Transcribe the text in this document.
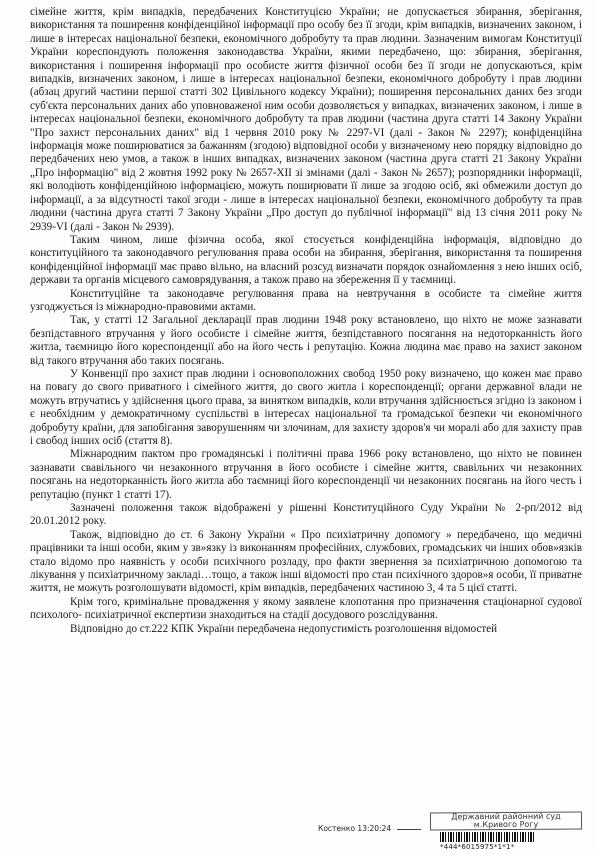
сімейне життя, крім випадків, передбачених Конституцією України; не допускається збирання, зберігання, використання та поширення конфіденційної інформації про особу без її згоди, крім випадків, визначених законом, і лише в інтересах національної безпеки, економічного добробуту та прав людини. Зазначеним вимогам Конституції України кореспондують положення законодавства України, якими передбачено, що: збирання, зберігання, використання і поширення інформації про особисте життя фізичної особи без її згоди не допускаються, крім випадків, визначених законом, і лише в інтересах національної безпеки, економічного добробуту і прав людини (абзац другий частини першої статті 302 Цивільного кодексу України); поширення персональних даних без згоди суб'єкта персональних даних або уповноваженої ним особи дозволяється у випадках, визначених законом, і лише в інтересах національної безпеки, економічного добробуту та прав людини (частина друга статті 14 Закону України "Про захист персональних даних" від 1 червня 2010 року № 2297-VI (далі - Закон № 2297); конфіденційна інформація може поширюватися за бажанням (згодою) відповідної особи у визначеному нею порядку відповідно до передбачених нею умов, а також в інших випадках, визначених законом (частина друга статті 21 Закону України „Про інформацію" від 2 жовтня 1992 року № 2657-XII зі змінами (далі - Закон № 2657); розпорядники інформації, які володіють конфіденційною інформацією, можуть поширювати її лише за згодою осіб, які обмежили доступ до інформації, а за відсутності такої згоди - лише в інтересах національної безпеки, економічного добробуту та прав людини (частина друга статті 7 Закону України „Про доступ до публічної інформації" від 13 січня 2011 року № 2939-VI (далі - Закон № 2939).

Таким чином, лише фізична особа, якої стосується конфіденційна інформація, відповідно до конституційного та законодавчого регулювання права особи на збирання, зберігання, використання та поширення конфіденційної інформації має право вільно, на власний розсуд визначати порядок ознайомлення з нею інших осіб, держави та органів місцевого самоврядування, а також право на збереження її у таємниці.

Конституційне та законодавче регулювання права на невтручання в особисте та сімейне життя узгоджується із міжнародно-правовими актами.

Так, у статті 12 Загальної декларації прав людини 1948 року встановлено, що ніхто не може зазнавати безпідставного втручання у його особисте і сімейне життя, безпідставного посягання на недоторканність його житла, таємницю його кореспонденції або на його честь і репутацію. Кожна людина має право на захист законом від такого втручання або таких посягань.

У Конвенції про захист прав людини і основоположних свобод 1950 року визначено, що кожен має право на повагу до свого приватного і сімейного життя, до свого житла і кореспонденції; органи державної влади не можуть втручатись у здійснення цього права, за винятком випадків, коли втручання здійснюється згідно із законом і є необхідним у демократичному суспільстві в інтересах національної та громадської безпеки чи економічного добробуту країни, для запобігання заворушенням чи злочинам, для захисту здоров'я чи моралі або для захисту прав і свобод інших осіб (стаття 8).

Міжнародним пактом про громадянські і політичні права 1966 року встановлено, що ніхто не повинен зазнавати свавільного чи незаконного втручання в його особисте і сімейне життя, свавільних чи незаконних посягань на недоторканність його житла або таємниці його кореспонденції чи незаконних посягань на його честь і репутацію (пункт 1 статті 17).

Зазначені положення також відображені у рішенні Конституційного Суду України № 2-рп/2012 від 20.01.2012 року.

Також, відповідно до ст. 6 Закону України « Про психіатричну допомогу » передбачено, що медичні працівники та інші особи, яким у зв»язку із виконанням професійних, службових, громадських чи інших обов»язків стало відомо про наявність у особи психічного розладу, про факти звернення за психіатричною допомогою та лікування у психіатричному закладі…тощо, а також інші відомості про стан психічного здоров»я особи, її приватне життя, не можуть розголошувати відомості, крім випадків, передбачених частиною 3, 4 та 5 цієї статті.

Крім того, кримінальне провадження у якому заявлене клопотання про призначення стаціонарної судової психолого- психіатричної експертизи знаходиться на стадії досудового розслідування.

Відповідно до ст.222 КПК України передбачена недопустимість розголошення відомостей

Державний районний суд
м.Кривого Рогу
Костенко 13:20:24
*444*6015975*1*1*
